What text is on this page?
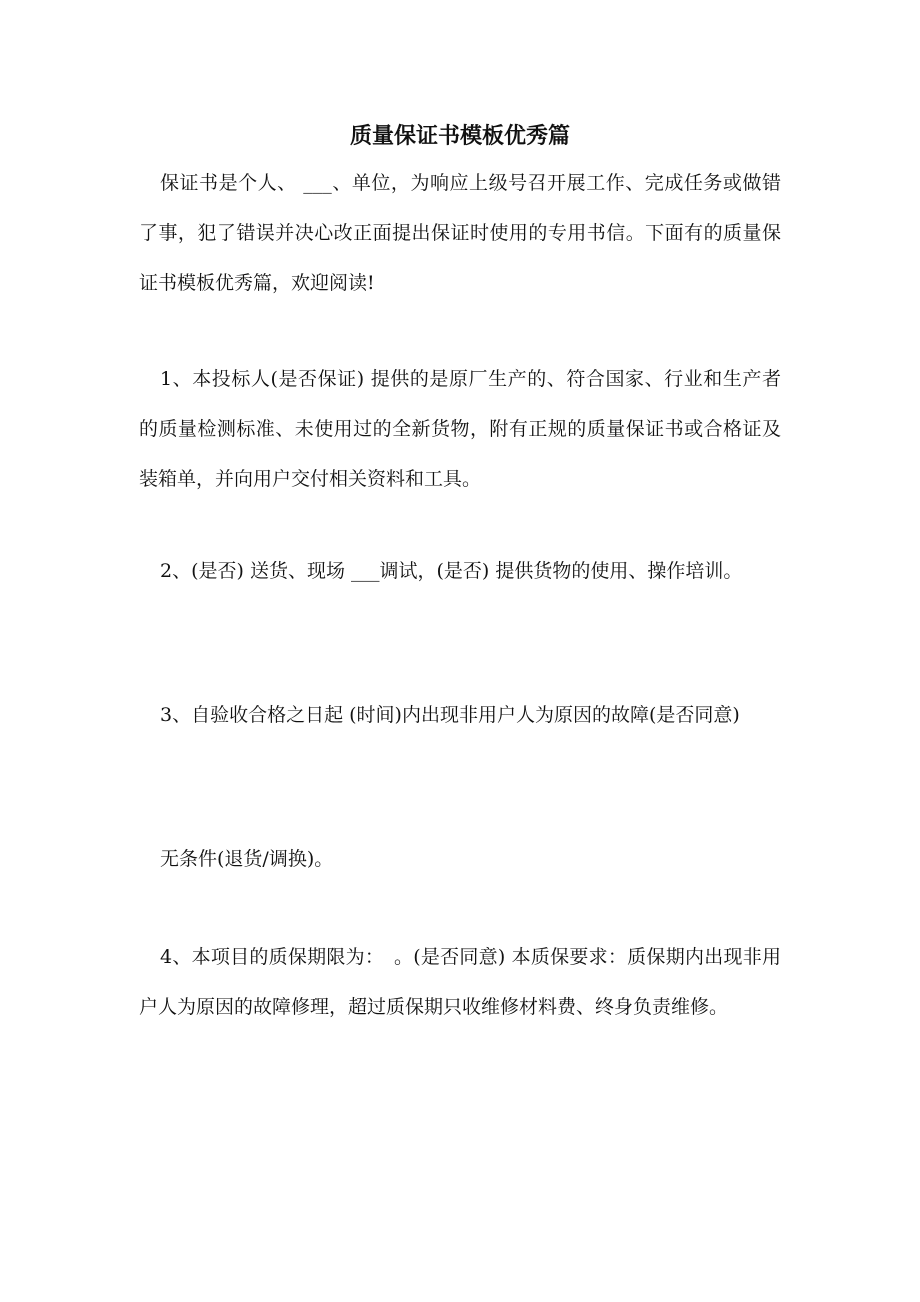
质量保证书模板优秀篇

保证书是个人、 ___、单位，为响应上级号召开展工作、完成任务或做错了事，犯了错误并决心改正面提出保证时使用的专用书信。下面有的质量保证书模板优秀篇，欢迎阅读!

1、本投标人(是否保证) 提供的是原厂生产的、符合国家、行业和生产者的质量检测标准、未使用过的全新货物，附有正规的质量保证书或合格证及装箱单，并向用户交付相关资料和工具。

2、(是否) 送货、现场 ___调试，(是否) 提供货物的使用、操作培训。

3、自验收合格之日起 (时间)内出现非用户人为原因的故障(是否同意)

无条件(退货/调换)。

4、本项目的质保期限为：　。(是否同意) 本质保要求：质保期内出现非用户人为原因的故障修理，超过质保期只收维修材料费、终身负责维修。
